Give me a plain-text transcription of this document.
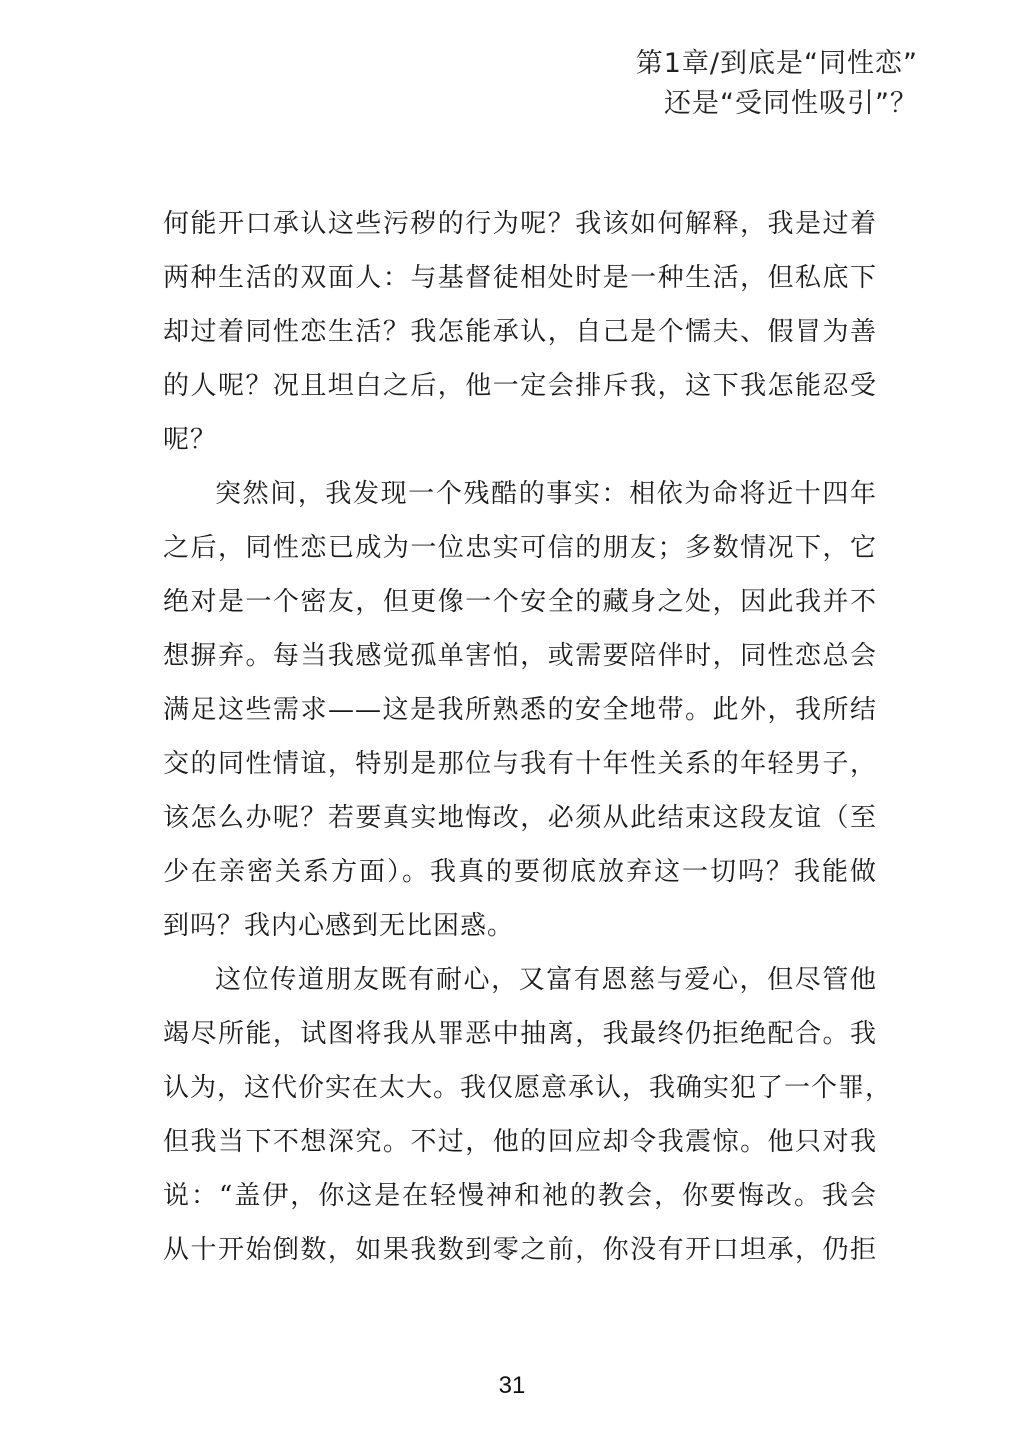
第1章/到底是“同性恋”
还是“受同性吸引”？

何能开口承认这些污秽的行为呢？我该如何解释，我是过着
两种生活的双面人：与基督徒相处时是一种生活，但私底下
却过着同性恋生活？我怎能承认，自己是个懦夫、假冒为善
的人呢？况且坦白之后，他一定会排斥我，这下我怎能忍受
呢？

突然间，我发现一个残酷的事实：相依为命将近十四年
之后，同性恋已成为一位忠实可信的朋友；多数情况下，它
绝对是一个密友，但更像一个安全的藏身之处，因此我并不
想摒弃。每当我感觉孤单害怕，或需要陪伴时，同性恋总会
满足这些需求——这是我所熟悉的安全地带。此外，我所结
交的同性情谊，特别是那位与我有十年性关系的年轻男子，
该怎么办呢？若要真实地悔改，必须从此结束这段友谊（至
少在亲密关系方面）。我真的要彻底放弃这一切吗？我能做
到吗？我内心感到无比困惑。

这位传道朋友既有耐心，又富有恩慈与爱心，但尽管他
竭尽所能，试图将我从罪恶中抽离，我最终仍拒绝配合。我
认为，这代价实在太大。我仅愿意承认，我确实犯了一个罪，
但我当下不想深究。不过，他的回应却令我震惊。他只对我
说：“盖伊，你这是在轻慢神和祂的教会，你要悔改。我会
从十开始倒数，如果我数到零之前，你没有开口坦承，仍拒

31
